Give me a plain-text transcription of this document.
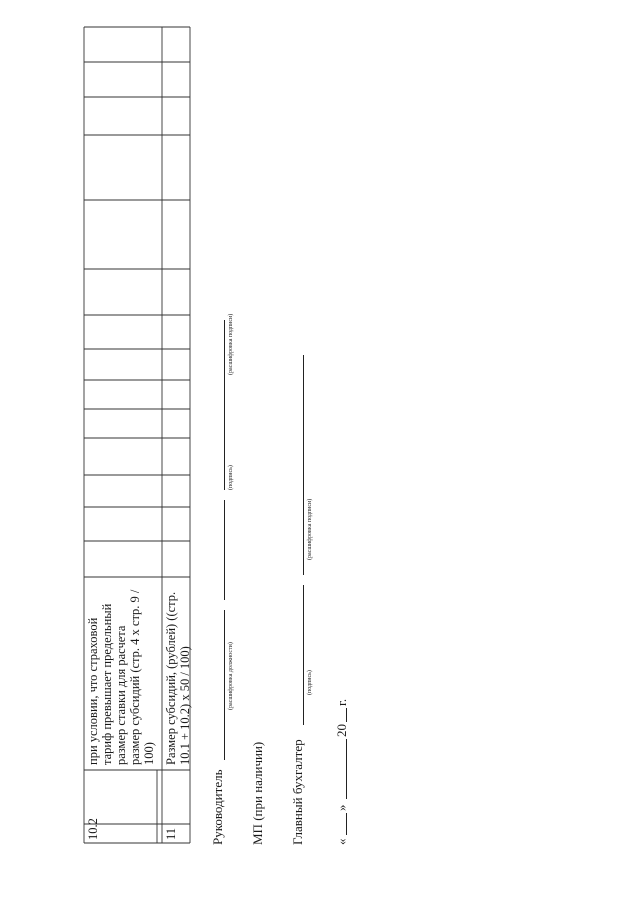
10.2
при условии, что страховой тариф превышает предельный размер ставки для расчета размер субсидий (стр. 4 x стр. 9 / 100)
11
Размер субсидий, (рублей) ((стр. 10.1 + 10.2) x 50 / 100)
Руководитель
(расшифровка должности)
(подпись)
(расшифровка подписи)
МП (при наличии) Главный бухгалтер
(подпись)
(расшифровка подписи)
«
»
20
г.
